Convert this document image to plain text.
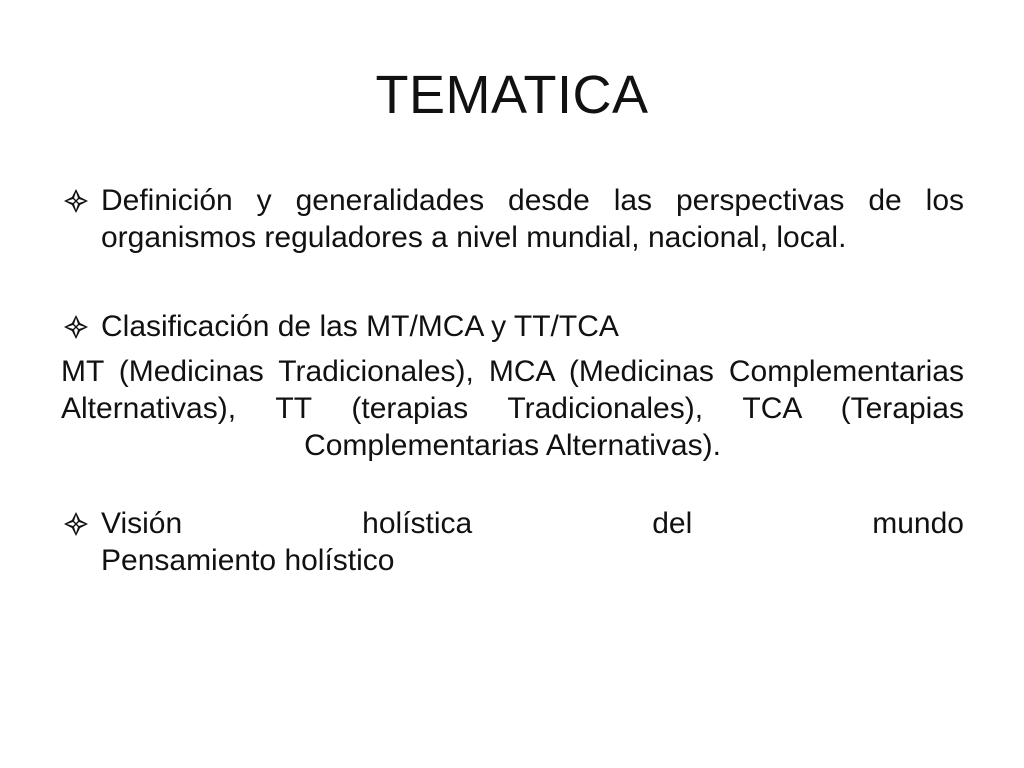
TEMATICA
Definición y generalidades desde las perspectivas de los organismos reguladores a nivel mundial, nacional, local.
Clasificación de las MT/MCA y TT/TCA
MT (Medicinas Tradicionales), MCA (Medicinas Complementarias Alternativas), TT (terapias Tradicionales), TCA (Terapias Complementarias Alternativas).
Visión holística del mundo
Pensamiento holístico
